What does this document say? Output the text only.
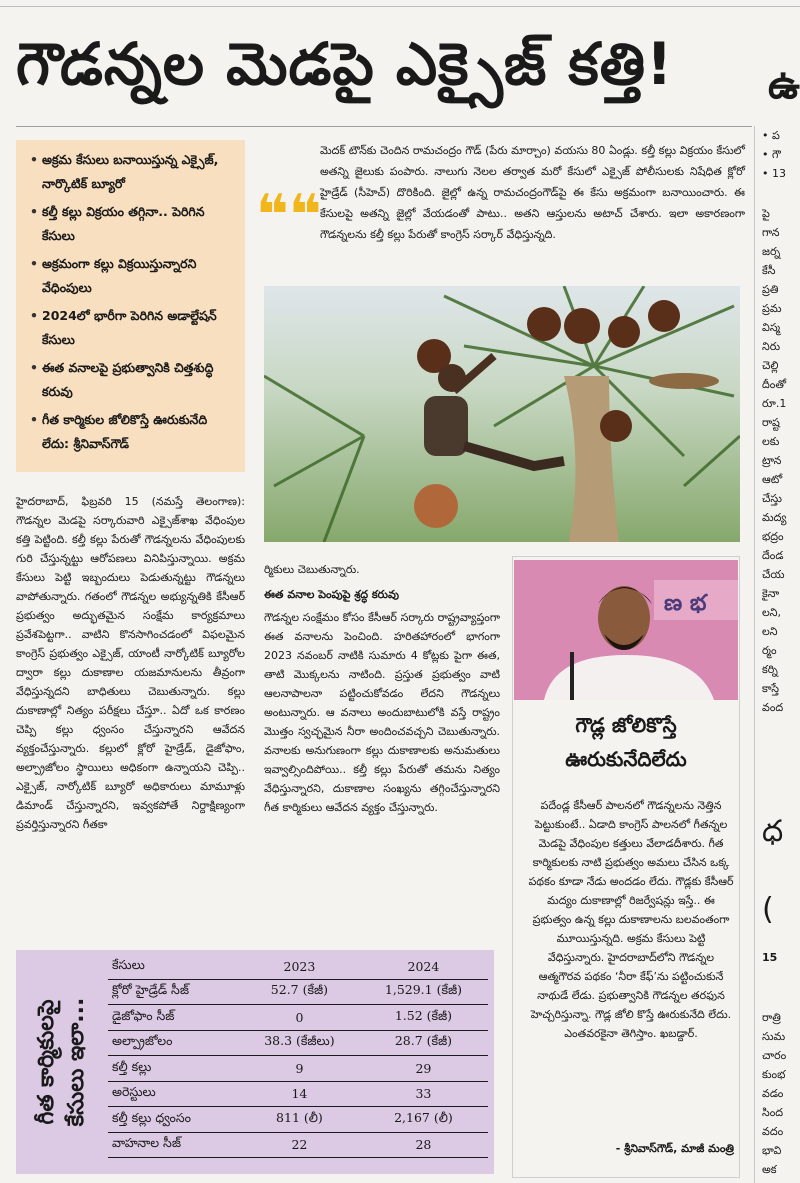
గౌడన్నల మెడపై ఎక్సైజ్ కత్తి!	ఉ
• అక్రమ కేసులు బనాయిస్తున్న ఎక్సైజ్, నార్కొటిక్ బ్యూరో
• కల్తీ కల్లు విక్రయం తగ్గినా.. పెరిగిన కేసులు
• అక్రమంగా కల్లు విక్రయిస్తున్నారని వేధింపులు
• 2024లో భారీగా పెరిగిన అడాల్టేషన్ కేసులు
• ఈత వనాలపై ప్రభుత్వానికి చిత్తశుద్ధి కరువు
• గీత కార్మికుల జోలికొస్తే ఊరుకునేది లేదు: శ్రీనివాస్‌గౌడ్
❝❝
మెదక్ టౌన్‌కు చెందిన రామచంద్రం గౌడ్ (పేరు మార్చాం) వయసు 80 ఏండ్లు. కల్తీ కల్లు విక్రయం కేసులో అతన్ని జైలుకు పంపారు. నాలుగు నెలల తర్వాత మరో కేసులో ఎక్సైజ్ పోలీసులకు నిషేధిత క్లోరో హైడ్రేడ్ (సీహెచ్) దొరికింది. జైల్లో ఉన్న రామచంద్రంగౌడ్‌పై ఈ కేసు అక్రమంగా బనాయించారు. ఈ కేసులపై అతన్ని జైల్లో వేయడంతో పాటు.. అతని ఆస్తులను అటాచ్ చేశారు. ఇలా అకారణంగా గౌడన్నలను కల్తీ కల్లు పేరుతో కాంగ్రెస్ సర్కార్ వేధిస్తున్నది.
హైదరాబాద్, ఫిబ్రవరి 15 (నమస్తే తెలంగాణ): గౌడన్నల మెడపై సర్కారువారి ఎక్సైజ్‌శాఖ వేధింపుల కత్తి పెట్టింది. కల్తీ కల్లు పేరుతో గౌడన్నలను వేధింపులకు గురి చేస్తున్నట్టు ఆరోపణలు వినిపిస్తున్నాయి. అక్రమ కేసులు పెట్టి ఇబ్బందులు పెడుతున్నట్టు గౌడన్నలు వాపోతున్నారు. గతంలో గౌడన్నల అభ్యున్నతికి కేసీఆర్ ప్రభుత్వం అద్భుతమైన సంక్షేమ కార్యక్రమాలు ప్రవేశపెట్టగా.. వాటిని కొనసాగించడంలో విఫలమైన కాంగ్రెస్ ప్రభుత్వం ఎక్సైజ్, యాంటీ నార్కోటిక్ బ్యూరోల ద్వారా కల్లు దుకాణాల యజమానులను తీవ్రంగా వేధిస్తున్నదని బాధితులు చెబుతున్నారు. కల్లు దుకాణాల్లో నిత్యం పరీక్షలు చేస్తూ.. ఏదో ఒక కారణం చెప్పి కల్లు ధ్వంసం చేస్తున్నారని ఆవేదన వ్యక్తంచేస్తున్నారు. కల్లులో క్లోరో హైడ్రేడ్, డైజోఫాం, అల్ప్రాజోలం స్థాయిలు అధికంగా ఉన్నాయని చెప్పి.. ఎక్సైజ్, నార్కోటిక్ బ్యూరో అధికారులు మామూళ్లు డిమాండ్ చేస్తున్నారని, ఇవ్వకపోతే నిర్దాక్షిణ్యంగా ప్రవర్తిస్తున్నారని గీతకా
ర్మికులు చెబుతున్నారు.
ఈత వనాల పెంపుపై శ్రద్ధ కరువు
గౌడన్నల సంక్షేమం కోసం కేసీఆర్ సర్కారు రాష్ట్రవ్యాప్తంగా ఈత వనాలను పెంచింది. హరితహారంలో భాగంగా 2023 నవంబర్ నాటికి సుమారు 4 కోట్లకు పైగా ఈత, తాటి మొక్కలను నాటింది. ప్రస్తుత ప్రభుత్వం వాటి ఆలనాపాలనా పట్టించుకోవడం లేదని గౌడన్నలు అంటున్నారు. ఆ వనాలు అందుబాటులోకి వస్తే రాష్ట్రం మొత్తం స్వచ్ఛమైన నీరా అందించవచ్చని చెబుతున్నారు. వనాలకు అనుగుణంగా కల్లు దుకాణాలకు అనుమతులు ఇవ్వాల్సిందిపోయి.. కల్తీ కల్లు పేరుతో తమను నిత్యం వేధిస్తున్నారని, దుకాణాల సంఖ్యను తగ్గించేస్తున్నారని గీత కార్మికులు ఆవేదన వ్యక్తం చేస్తున్నారు.
ణ భ
గౌడ్ల జోలికొస్తే
ఊరుకునేదిలేదు
పదేండ్ల కేసీఆర్ పాలనలో గౌడన్నలను నెత్తిన పెట్టుకుంటే.. ఏడాది కాంగ్రెస్ పాలనలో గీతన్నల మెడపై వేధింపుల కత్తులు వేలాడదీశారు. గీత కార్మికులకు నాటి ప్రభుత్వం అమలు చేసిన ఒక్క పథకం కూడా నేడు అందడం లేదు. గౌడ్లకు కేసీఆర్ మద్యం దుకాణాల్లో రిజర్వేషన్లు ఇస్తే.. ఈ ప్రభుత్వం ఉన్న కల్లు దుకాణాలను బలవంతంగా మూయిస్తున్నది. అక్రమ కేసులు పెట్టి వేధిస్తున్నారు. హైదరాబాద్‌లోని గౌడన్నల ఆత్మగౌరవ పథకం ‘నీరా కేఫ్’ను పట్టించుకునే నాథుడే లేడు. ప్రభుత్వానికి గౌడన్నల తరఫున హెచ్చరిస్తున్నా. గౌడ్ల జోలి కొస్తే ఊరుకునేది లేదు. ఎంతవరకైనా తెగిస్తాం. ఖబడ్దార్.
- శ్రీనివాస్‌గౌడ్, మాజీ మంత్రి
గీత కార్మికులపై కేసులు ఇలా...
కేసులు	2023	2024
క్లోరో హైడ్రేడ్ సీజ్	52.7 (కేజీ)	1,529.1 (కేజీ)
డైజోఫాం సీజ్	0	1.52 (కేజీ)
అల్ప్రాజోలం	38.3 (కేజీలు)	28.7 (కేజీ)
కల్తీ కల్లు	9	29
అరెస్టులు	14	33
కల్తీ కల్లు ధ్వంసం	811 (లీ)	2,167 (లీ)
వాహనాల సీజ్	22	28
• ప
• గౌ
• 13
పై
గాన
జర్న
కేసీ
ప్రతి
ప్రమ
విస్మ
నిరు
చెల్లి
దీంతో
రూ.1
రాష్ట
లకు
ట్రాన
ఆటో
చేస్తు
మద్య
భద్రం
దేండ
చేయ
కైనా
లని,
లని
ర్మం
కర్ని
కాస్తే
వంద
ధ
(
15
రాత్రి
సుమ
చారం
కుంభ
వడం
సింద
వదం
భావి
అక
